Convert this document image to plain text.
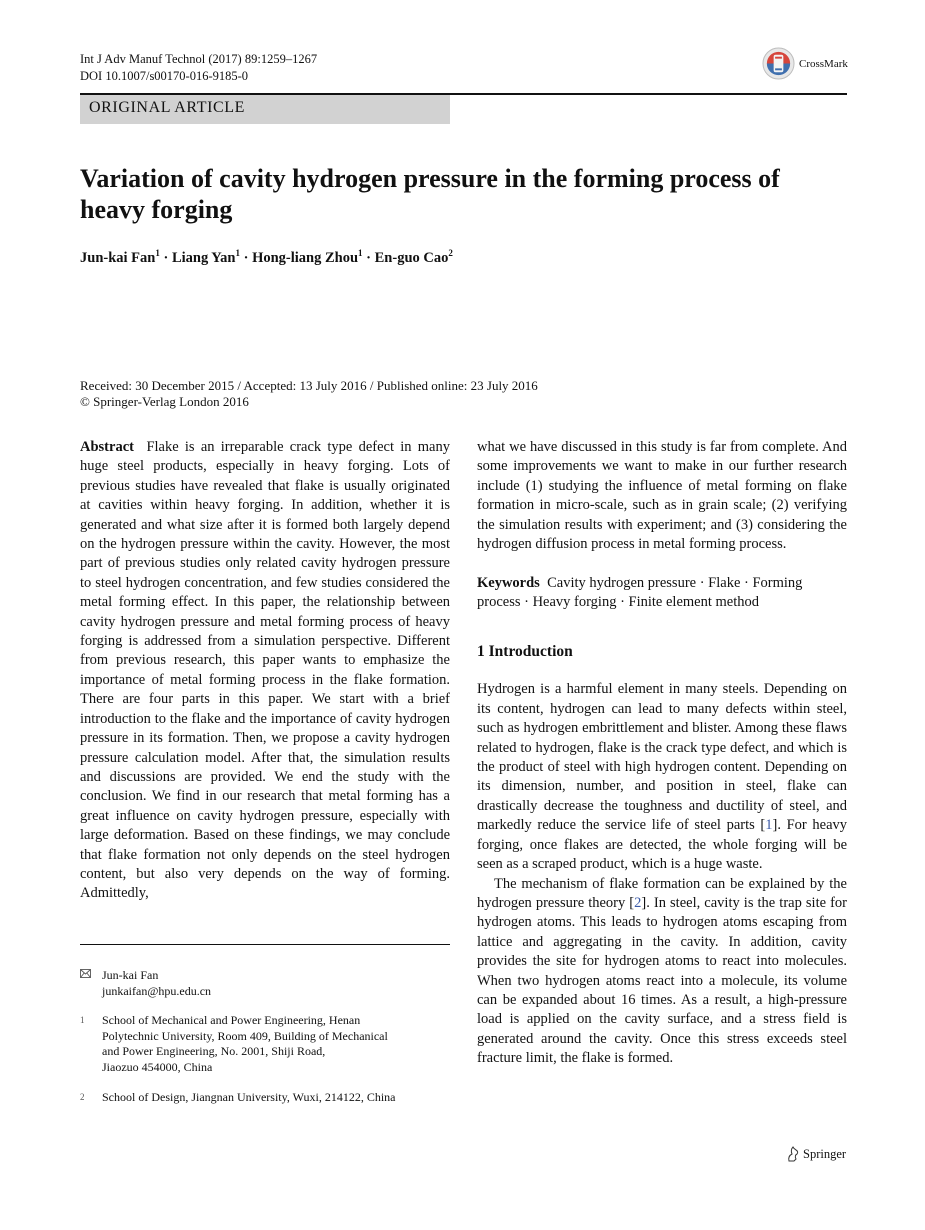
Int J Adv Manuf Technol (2017) 89:1259–1267
DOI 10.1007/s00170-016-9185-0
CrossMark
ORIGINAL ARTICLE
Variation of cavity hydrogen pressure in the forming process of heavy forging
Jun-kai Fan$^1$ · Liang Yan$^1$ · Hong-liang Zhou$^1$ · En-guo Cao$^2$
Received: 30 December 2015 / Accepted: 13 July 2016 / Published online: 23 July 2016
© Springer-Verlag London 2016

Abstract Flake is an irreparable crack type defect in many huge steel products, especially in heavy forging. Lots of previous studies have revealed that flake is usually originated at cavities within heavy forging. In addition, whether it is generated and what size after it is formed both largely depend on the hydrogen pressure within the cavity. However, the most part of previous studies only related cavity hydrogen pressure to steel hydrogen concentration, and few studies considered the metal forming effect. In this paper, the relationship between cavity hydrogen pressure and metal forming process of heavy forging is addressed from a simulation perspective. Different from previous research, this paper wants to emphasize the importance of metal forming process in the flake formation. There are four parts in this paper. We start with a brief introduction to the flake and the importance of cavity hydrogen pressure in its formation. Then, we propose a cavity hydrogen pressure calculation model. After that, the simulation results and discussions are provided. We end the study with the conclusion. We find in our research that metal forming has a great influence on cavity hydrogen pressure, especially with large deformation. Based on these findings, we may conclude that flake formation not only depends on the steel hydrogen content, but also very depends on the way of forming. Admittedly,

Jun-kai Fan
junkaifan@hpu.edu.cn
$^1$	School of Mechanical and Power Engineering, Henan
Polytechnic University, Room 409, Building of Mechanical
and Power Engineering, No. 2001, Shiji Road,
Jiaozuo 454000, China
$^2$	School of Design, Jiangnan University, Wuxi, 214122, China

what we have discussed in this study is far from complete. And some improvements we want to make in our further research include (1) studying the influence of metal forming on flake formation in micro-scale, such as in grain scale; (2) verifying the simulation results with experiment; and (3) considering the hydrogen diffusion process in metal forming process.

Keywords Cavity hydrogen pressure · Flake · Forming process · Heavy forging · Finite element method

1 Introduction

Hydrogen is a harmful element in many steels. Depending on its content, hydrogen can lead to many defects within steel, such as hydrogen embrittlement and blister. Among these flaws related to hydrogen, flake is the crack type defect, and which is the product of steel with high hydrogen content. Depending on its dimension, number, and position in steel, flake can drastically decrease the toughness and ductility of steel, and markedly reduce the service life of steel parts [1]. For heavy forging, once flakes are detected, the whole forging will be seen as a scraped product, which is a huge waste.

The mechanism of flake formation can be explained by the hydrogen pressure theory [2]. In steel, cavity is the trap site for hydrogen atoms. This leads to hydrogen atoms escaping from lattice and aggregating in the cavity. In addition, cavity provides the site for hydrogen atoms to react into molecules. When two hydrogen atoms react into a molecule, its volume can be expanded about 16 times. As a result, a high-pressure load is applied on the cavity surface, and a stress field is generated around the cavity. Once this stress exceeds steel fracture limit, the flake is formed.

Springer
